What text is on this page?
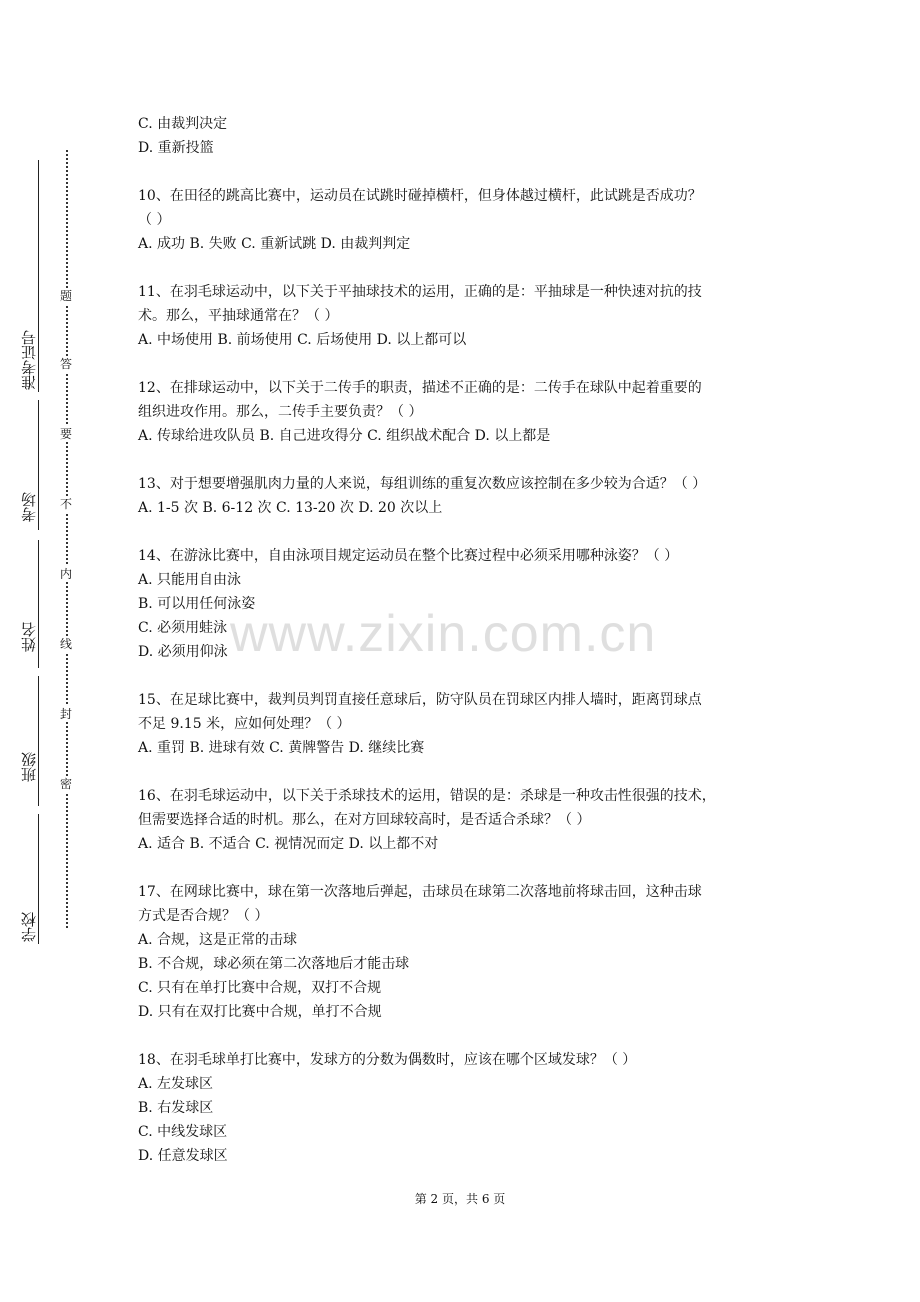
准考证号
考场
姓名
班级
学校
题
答
要
不
内
线
封
密
C. 由裁判决定
D. 重新投篮
10、在田径的跳高比赛中，运动员在试跳时碰掉横杆，但身体越过横杆，此试跳是否成功？
（ ）
A. 成功 B. 失败 C. 重新试跳 D. 由裁判判定
11、在羽毛球运动中，以下关于平抽球技术的运用，正确的是：平抽球是一种快速对抗的技
术。那么，平抽球通常在？（ ）
A. 中场使用 B. 前场使用 C. 后场使用 D. 以上都可以
12、在排球运动中，以下关于二传手的职责，描述不正确的是：二传手在球队中起着重要的
组织进攻作用。那么，二传手主要负责？（ ）
A. 传球给进攻队员 B. 自己进攻得分 C. 组织战术配合 D. 以上都是
13、对于想要增强肌肉力量的人来说，每组训练的重复次数应该控制在多少较为合适？（ ）
A. 1-5 次 B. 6-12 次 C. 13-20 次 D. 20 次以上
14、在游泳比赛中，自由泳项目规定运动员在整个比赛过程中必须采用哪种泳姿？（ ）
A. 只能用自由泳
B. 可以用任何泳姿
C. 必须用蛙泳
D. 必须用仰泳
15、在足球比赛中，裁判员判罚直接任意球后，防守队员在罚球区内排人墙时，距离罚球点
不足 9.15 米，应如何处理？（ ）
A. 重罚 B. 进球有效 C. 黄牌警告 D. 继续比赛
16、在羽毛球运动中，以下关于杀球技术的运用，错误的是：杀球是一种攻击性很强的技术，
但需要选择合适的时机。那么，在对方回球较高时，是否适合杀球？（ ）
A. 适合 B. 不适合 C. 视情况而定 D. 以上都不对
17、在网球比赛中，球在第一次落地后弹起，击球员在球第二次落地前将球击回，这种击球
方式是否合规？（ ）
A. 合规，这是正常的击球
B. 不合规，球必须在第二次落地后才能击球
C. 只有在单打比赛中合规，双打不合规
D. 只有在双打比赛中合规，单打不合规
18、在羽毛球单打比赛中，发球方的分数为偶数时，应该在哪个区域发球？（ ）
A. 左发球区
B. 右发球区
C. 中线发球区
D. 任意发球区
www.zixin.com.cn
第 2 页，共 6 页
